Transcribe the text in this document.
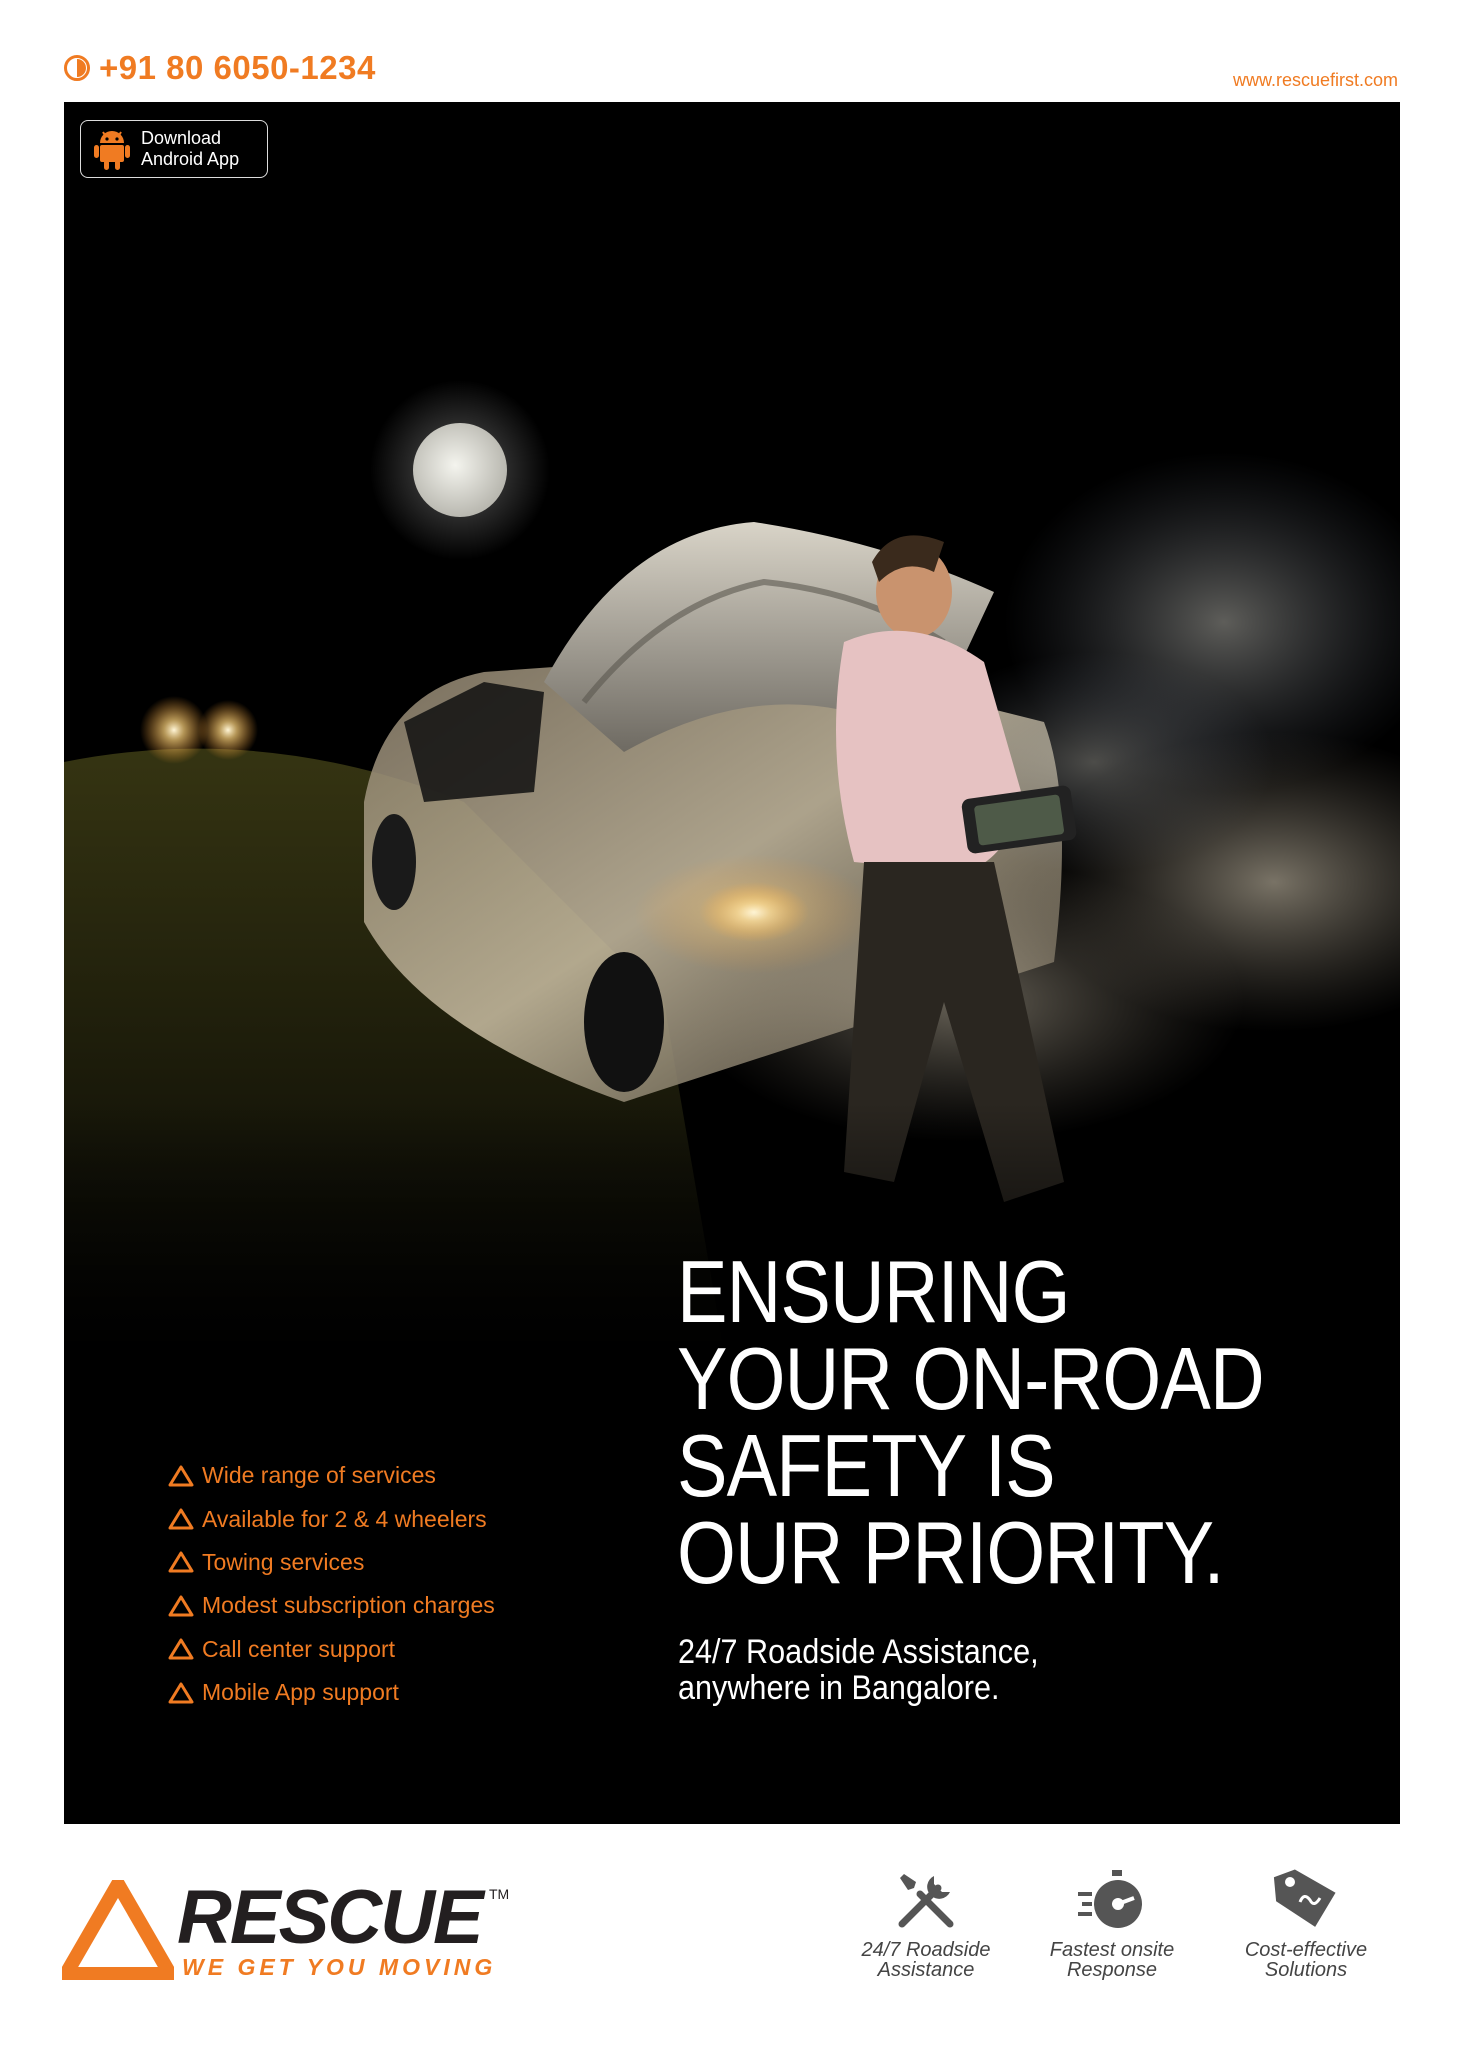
+91 80 6050-1234	www.rescuefirst.com
Download
Android App
ENSURING
YOUR ON-ROAD
SAFETY IS
OUR PRIORITY.
24/7 Roadside Assistance,
anywhere in Bangalore.
Wide range of services
Available for 2 & 4 wheelers
Towing services
Modest subscription charges
Call center support
Mobile App support
RESCUE TM
WE GET YOU MOVING
24/7 Roadside
Assistance
Fastest onsite
Response
Cost-effective
Solutions
